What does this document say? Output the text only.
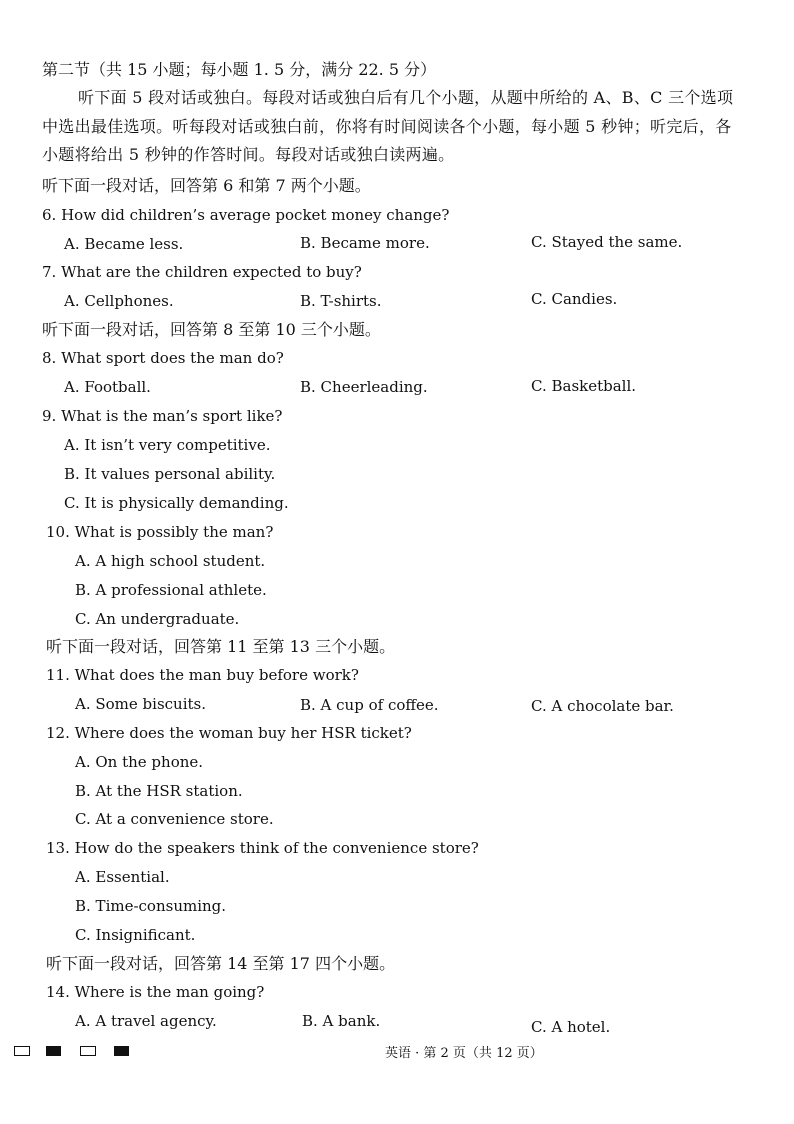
第二节（共 15 小题；每小题 1. 5 分，满分 22. 5 分）
听下面 5 段对话或独白。每段对话或独白后有几个小题，从题中所给的 A、B、C 三个选项中选出最佳选项。听每段对话或独白前，你将有时间阅读各个小题，每小题 5 秒钟；听完后，各小题将给出 5 秒钟的作答时间。每段对话或独白读两遍。
听下面一段对话，回答第 6 和第 7 两个小题。
6. How did children’s average pocket money change?
A. Became less.	B. Became more.	C. Stayed the same.
7. What are the children expected to buy?
A. Cellphones.	B. T-shirts.	C. Candies.
听下面一段对话，回答第 8 至第 10 三个小题。
8. What sport does the man do?
A. Football.	B. Cheerleading.	C. Basketball.
9. What is the man’s sport like?
A. It isn’t very competitive.
B. It values personal ability.
C. It is physically demanding.
10. What is possibly the man?
A. A high school student.
B. A professional athlete.
C. An undergraduate.
听下面一段对话，回答第 11 至第 13 三个小题。
11. What does the man buy before work?
A. Some biscuits.	B. A cup of coffee.	C. A chocolate bar.
12. Where does the woman buy her HSR ticket?
A. On the phone.
B. At the HSR station.
C. At a convenience store.
13. How do the speakers think of the convenience store?
A. Essential.
B. Time-consuming.
C. Insignificant.
听下面一段对话，回答第 14 至第 17 四个小题。
14. Where is the man going?
A. A travel agency.	B. A bank.	C. A hotel.
英语 · 第 2 页（共 12 页）
